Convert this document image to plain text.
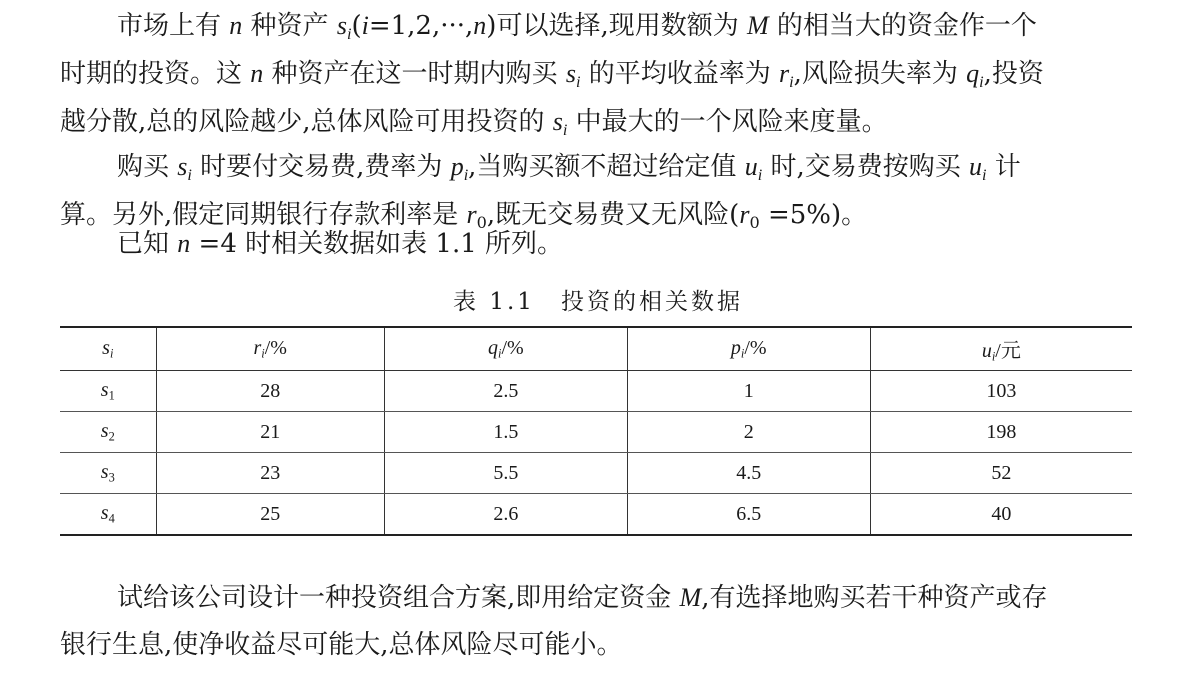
市场上有 n 种资产 $s_i(i=1,2,\cdot\cdot\cdot,n)$可以选择,现用数额为 M 的相当大的资金作一个
时期的投资。这 n 种资产在这一时期内购买 $s_i$ 的平均收益率为 $r_i$,风险损失率为 $q_i$,投资
越分散,总的风险越少,总体风险可用投资的 $s_i$ 中最大的一个风险来度量。

购买 $s_i$ 时要付交易费,费率为 $p_i$,当购买额不超过给定值 $u_i$ 时,交易费按购买 $u_i$ 计
算。另外,假定同期银行存款利率是 $r_0$,既无交易费又无风险$(r_0 =5\%)$。

已知 n =4 时相关数据如表 1.1 所列。

表 1.1 投资的相关数据

si	ri/%	qi/%	pi/%	ui/元
s1	28	2.5	1	103
s2	21	1.5	2	198
s3	23	5.5	4.5	52
s4	25	2.6	6.5	40

试给该公司设计一种投资组合方案,即用给定资金 M,有选择地购买若干种资产或存
银行生息,使净收益尽可能大,总体风险尽可能小。
